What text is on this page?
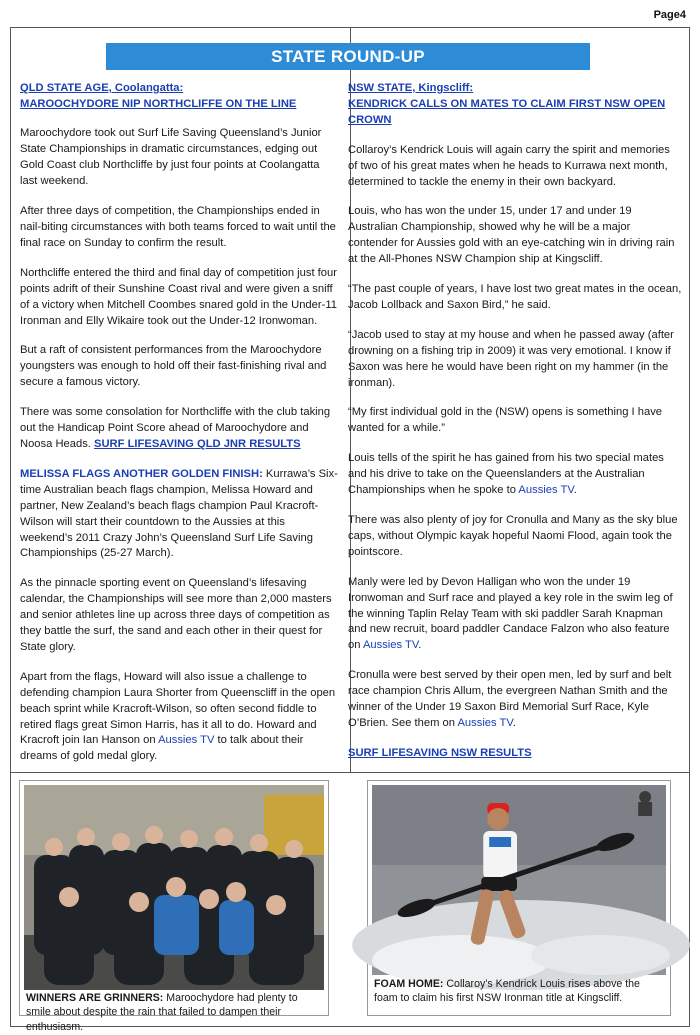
Page4
STATE ROUND-UP
QLD STATE AGE, Coolangatta:
MAROOCHYDORE NIP NORTHCLIFFE ON THE LINE

Maroochydore took out Surf Life Saving Queensland’s Junior State Championships in dramatic circumstances, edging out Gold Coast club Northcliffe by just four points at Coolangatta last weekend.

After three days of competition, the Championships ended in nail-biting circumstances with both teams forced to wait until the final race on Sunday to confirm the result.

Northcliffe entered the third and final day of competition just four points adrift of their Sunshine Coast rival and were given a sniff of a victory when Mitchell Coombes snared gold in the Under-11 Ironman and Elly Wikaire took out the Under-12 Ironwoman.

But a raft of consistent performances from the Maroochydore youngsters was enough to hold off their fast-finishing rival and secure a famous victory.

There was some consolation for Northcliffe with the club taking out the Handicap Point Score ahead of Maroochydore and Noosa Heads. SURF LIFESAVING QLD JNR RESULTS

MELISSA FLAGS ANOTHER GOLDEN FINISH: Kurrawa’s Six-time Australian beach flags champion, Melissa Howard and partner, New Zealand’s beach flags champion Paul Kracroft-Wilson will start their countdown to the Aussies at this weekend’s 2011 Crazy John’s Queensland Surf Life Saving Championships (25-27 March).

As the pinnacle sporting event on Queensland’s lifesaving calendar, the Championships will see more than 2,000 masters and senior athletes line up across three days of competition as they battle the surf, the sand and each other in their quest for State glory.

Apart from the flags, Howard will also issue a challenge to defending champion Laura Shorter from Queenscliff in the open beach sprint while Kracroft-Wilson, so often second fiddle to retired flags great Simon Harris, has it all to do. Howard and Kracroft join Ian Hanson on Aussies TV to talk about their dreams of gold medal glory.

NSW STATE, Kingscliff:
KENDRICK CALLS ON MATES TO CLAIM FIRST NSW OPEN CROWN

Collaroy’s Kendrick Louis will again carry the spirit and memories of two of his great mates when he heads to Kurrawa next month, determined to tackle the enemy in their own backyard.

Louis, who has won the under 15, under 17 and under 19 Australian Championship, showed why he will be a major contender for Aussies gold with an eye-catching win in driving rain at the All-Phones NSW Champion ship at Kingscliff.

“The past couple of years, I have lost two great mates in the ocean, Jacob Lollback and Saxon Bird,” he said.

“Jacob used to stay at my house and when he passed away (after drowning on a fishing trip in 2009) it was very emotional. I know if Saxon was here he would have been right on my hammer (in the ironman).

“My first individual gold in the (NSW) opens is something I have wanted for a while.”

Louis tells of the spirit he has gained from his two special mates and his drive to take on the Queenslanders at the Australian Championships when he spoke to Aussies TV.

There was also plenty of joy for Cronulla and Many as the sky blue caps, without Olympic kayak hopeful Naomi Flood, again took the pointscore.

Manly were led by Devon Halligan who won the under 19 Ironwoman and Surf race and played a key role in the swim leg of the winning Taplin Relay Team with ski paddler Sarah Knapman and new recruit, board paddler Candace Falzon who also feature on Aussies TV.

Cronulla were best served by their open men, led by surf and belt race champion Chris Allum, the evergreen Nathan Smith and the winner of the Under 19 Saxon Bird Memorial Surf Race, Kyle O’Brien. See them on Aussies TV.

SURF LIFESAVING NSW RESULTS

WINNERS ARE GRINNERS: Maroochydore had plenty to smile about despite the rain that failed to dampen their enthusiasm.
FOAM HOME: Collaroy’s Kendrick Louis rises above the foam to claim his first NSW Ironman title at Kingscliff.
